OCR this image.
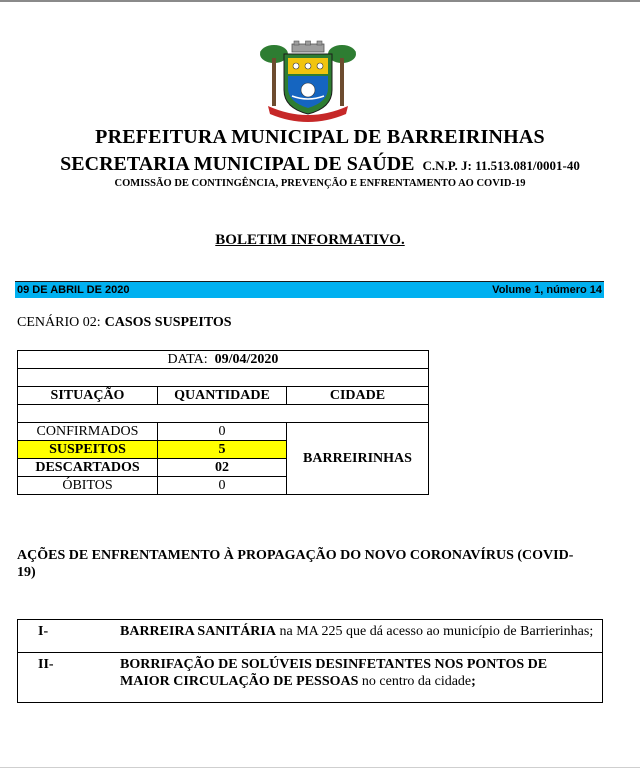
PREFEITURA MUNICIPAL DE BARREIRINHAS
SECRETARIA MUNICIPAL DE SAÚDE C.N.P. J: 11.513.081/0001-40
COMISSÃO DE CONTINGÊNCIA, PREVENÇÃO E ENFRENTAMENTO AO COVID-19
BOLETIM INFORMATIVO.
09 DE ABRIL DE 2020	Volume 1, número 14
CENÁRIO 02: CASOS SUSPEITOS
DATA: 09/04/2020		

SITUAÇÃO	QUANTIDADE	CIDADE

CONFIRMADOS	0	BARREIRINHAS
SUSPEITOS	5	
DESCARTADOS	02	
ÓBITOS	0	
AÇÕES DE ENFRENTAMENTO À PROPAGAÇÃO DO NOVO CORONAVÍRUS (COVID-19)
I-	BARREIRA SANITÁRIA na MA 225 que dá acesso ao município de Barrierinhas;
II-	BORRIFAÇÃO DE SOLÚVEIS DESINFETANTES NOS PONTOS DE MAIOR CIRCULAÇÃO DE PESSOAS no centro da cidade;
